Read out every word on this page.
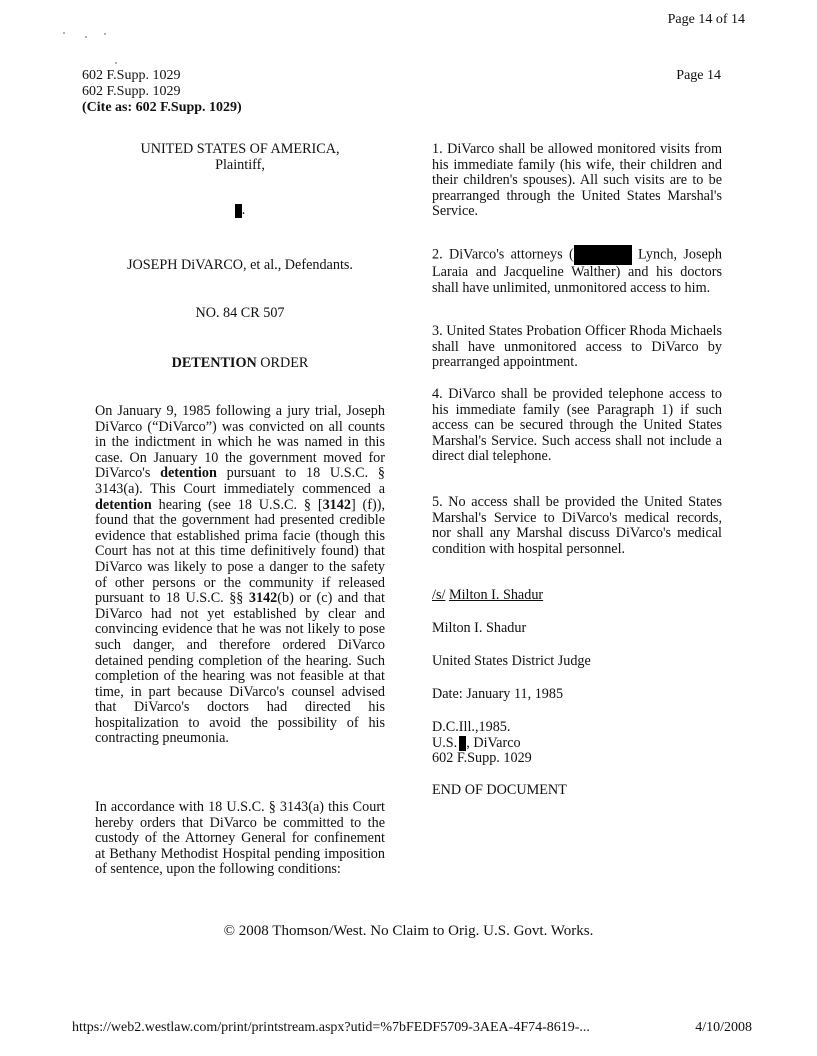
Page 14 of 14
Page 14
602 F.Supp. 1029
602 F.Supp. 1029
(Cite as: 602 F.Supp. 1029)
UNITED STATES OF AMERICA,
Plaintiff,
.
JOSEPH DiVARCO, et al., Defendants.
NO. 84 CR 507
DETENTION ORDER
On January 9, 1985 following a jury trial, Joseph DiVarco (“DiVarco”) was convicted on all counts in the indictment in which he was named in this case. On January 10 the government moved for DiVarco's detention pursuant to 18 U.S.C. § 3143(a). This Court immediately commenced a detention hearing (see 18 U.S.C. § [3142] (f)), found that the government had presented credible evidence that established prima facie (though this Court has not at this time definitively found) that DiVarco was likely to pose a danger to the safety of other persons or the community if released pursuant to 18 U.S.C. §§ 3142(b) or (c) and that DiVarco had not yet established by clear and convincing evidence that he was not likely to pose such danger, and therefore ordered DiVarco detained pending completion of the hearing. Such completion of the hearing was not feasible at that time, in part because DiVarco's counsel advised that DiVarco's doctors had directed his hospitalization to avoid the possibility of his contracting pneumonia.
In accordance with 18 U.S.C. § 3143(a) this Court hereby orders that DiVarco be committed to the custody of the Attorney General for confinement at Bethany Methodist Hospital pending imposition of sentence, upon the following conditions:
1. DiVarco shall be allowed monitored visits from his immediate family (his wife, their children and their children's spouses). All such visits are to be prearranged through the United States Marshal's Service.
2. DiVarco's attorneys (	Lynch, Joseph Laraia and Jacqueline Walther) and his doctors shall have unlimited, unmonitored access to him.
3. United States Probation Officer Rhoda Michaels shall have unmonitored access to DiVarco by prearranged appointment.
4. DiVarco shall be provided telephone access to his immediate family (see Paragraph 1) if such access can be secured through the United States Marshal's Service. Such access shall not include a direct dial telephone.
5. No access shall be provided the United States Marshal's Service to DiVarco's medical records, nor shall any Marshal discuss DiVarco's medical condition with hospital personnel.
/s/ Milton I. Shadur
Milton I. Shadur
United States District Judge
Date: January 11, 1985
D.C.Ill.,1985.
U.S. , DiVarco
602 F.Supp. 1029
END OF DOCUMENT
© 2008 Thomson/West. No Claim to Orig. U.S. Govt. Works.
https://web2.westlaw.com/print/printstream.aspx?utid=%7bFEDF5709-3AEA-4F74-8619-...	4/10/2008
